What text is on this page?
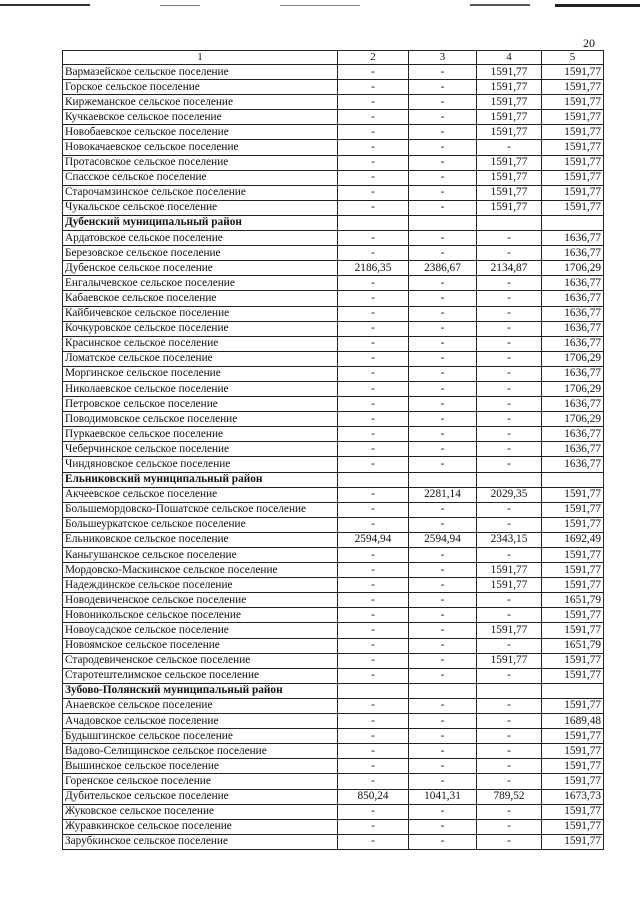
20
1	2	3	4	5
Вармазейское сельское поселение	-	-	1591,77	1591,77
Горское сельское поселение	-	-	1591,77	1591,77
Киржеманское сельское поселение	-	-	1591,77	1591,77
Кучкаевское сельское поселение	-	-	1591,77	1591,77
Новобаевское сельское поселение	-	-	1591,77	1591,77
Новокачаевское сельское поселение	-	-	-	1591,77
Протасовское сельское поселение	-	-	1591,77	1591,77
Спасское сельское поселение	-	-	1591,77	1591,77
Старочамзинское сельское поселение	-	-	1591,77	1591,77
Чукальское сельское поселение	-	-	1591,77	1591,77
Дубенский муниципальный район				
Ардатовское сельское поселение	-	-	-	1636,77
Березовское сельское поселение	-	-	-	1636,77
Дубенское сельское поселение	2186,35	2386,67	2134,87	1706,29
Енгалычевское сельское поселение	-	-	-	1636,77
Кабаевское сельское поселение	-	-	-	1636,77
Кайбичевское сельское поселение	-	-	-	1636,77
Кочкуровское сельское поселение	-	-	-	1636,77
Красинское сельское поселение	-	-	-	1636,77
Ломатское сельское поселение	-	-	-	1706,29
Моргинское сельское поселение	-	-	-	1636,77
Николаевское сельское поселение	-	-	-	1706,29
Петровское сельское поселение	-	-	-	1636,77
Поводимовское сельское поселение	-	-	-	1706,29
Пуркаевское сельское поселение	-	-	-	1636,77
Чеберчинское сельское поселение	-	-	-	1636,77
Чиндяновское сельское поселение	-	-	-	1636,77
Ельниковский муниципальный район				
Акчеевское сельское поселение	-	2281,14	2029,35	1591,77
Большемордовско-Пошатское сельское поселение	-	-	-	1591,77
Большеуркатское сельское поселение	-	-	-	1591,77
Ельниковское сельское поселение	2594,94	2594,94	2343,15	1692,49
Каньгушанское сельское поселение	-	-	-	1591,77
Мордовско-Маскинское сельское поселение	-	-	1591,77	1591,77
Надеждинское сельское поселение	-	-	1591,77	1591,77
Новодевиченское сельское поселение	-	-	-	1651,79
Новоникольское сельское поселение	-	-	-	1591,77
Новоусадское сельское поселение	-	-	1591,77	1591,77
Новоямское сельское поселение	-	-	-	1651,79
Стародевиченское сельское поселение	-	-	1591,77	1591,77
Старотештелимское сельское поселение	-	-	-	1591,77
Зубово-Полянский муниципальный район				
Анаевское сельское поселение	-	-	-	1591,77
Ачадовское сельское поселение	-	-	-	1689,48
Будышгинское сельское поселение	-	-	-	1591,77
Вадово-Селищинское сельское поселение	-	-	-	1591,77
Вышинское сельское поселение	-	-	-	1591,77
Горенское сельское поселение	-	-	-	1591,77
Дубительское сельское поселение	850,24	1041,31	789,52	1673,73
Жуковское сельское поселение	-	-	-	1591,77
Журавкинское сельское поселение	-	-	-	1591,77
Зарубкинское сельское поселение	-	-	-	1591,77
